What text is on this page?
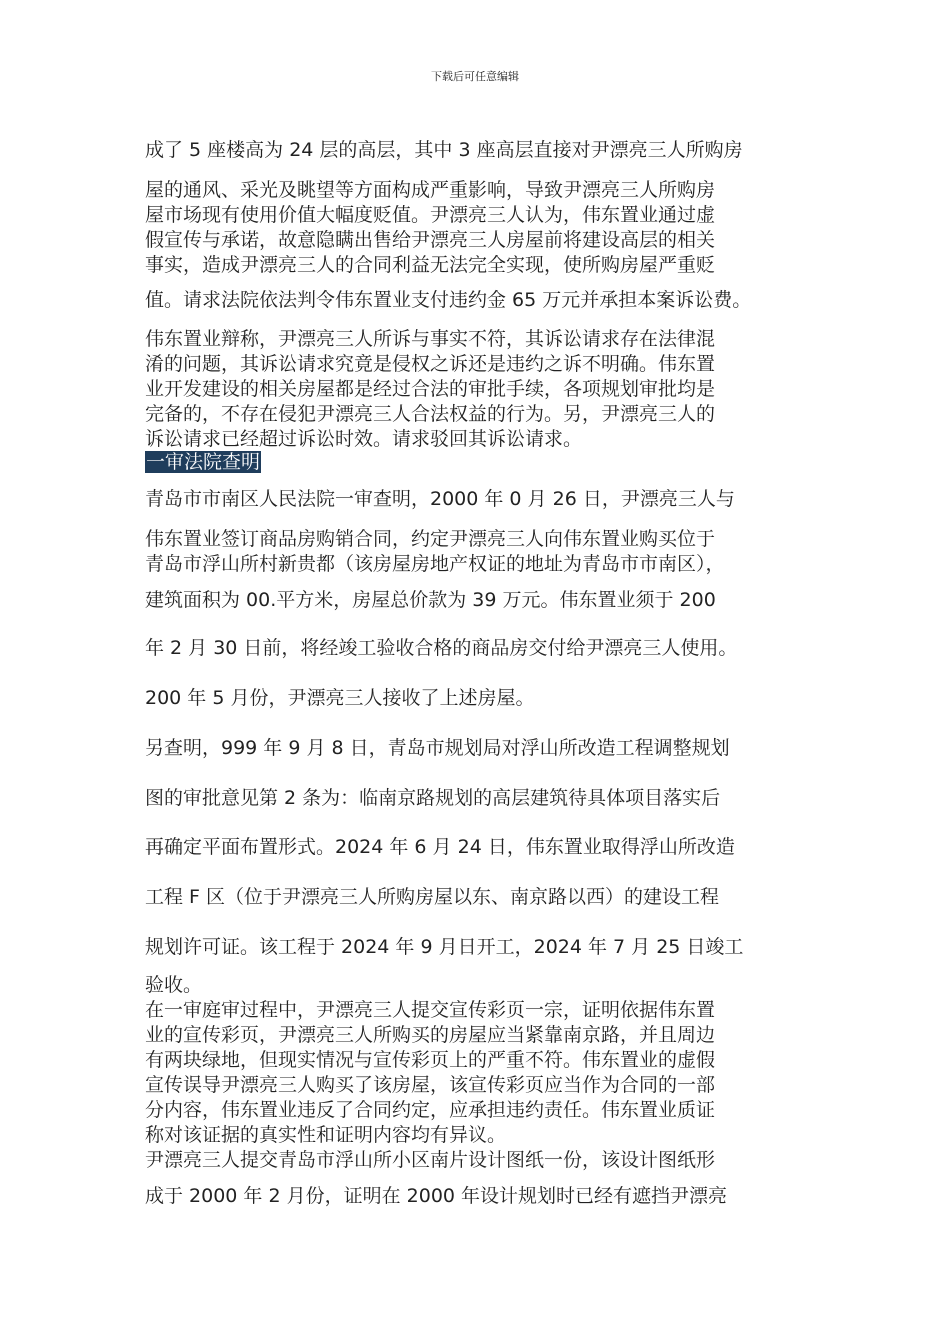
下载后可任意编辑
成了 5 座楼高为 24 层的高层，其中 3 座高层直接对尹漂亮三人所购房
屋的通风、采光及眺望等方面构成严重影响，导致尹漂亮三人所购房
屋市场现有使用价值大幅度贬值。尹漂亮三人认为，伟东置业通过虚
假宣传与承诺，故意隐瞒出售给尹漂亮三人房屋前将建设高层的相关
事实，造成尹漂亮三人的合同利益无法完全实现，使所购房屋严重贬
值。请求法院依法判令伟东置业支付违约金 65 万元并承担本案诉讼费。
伟东置业辩称，尹漂亮三人所诉与事实不符，其诉讼请求存在法律混
淆的问题，其诉讼请求究竟是侵权之诉还是违约之诉不明确。伟东置
业开发建设的相关房屋都是经过合法的审批手续，各项规划审批均是
完备的，不存在侵犯尹漂亮三人合法权益的行为。另，尹漂亮三人的
诉讼请求已经超过诉讼时效。请求驳回其诉讼请求。
一审法院查明
青岛市市南区人民法院一审查明，2000 年 0 月 26 日，尹漂亮三人与
伟东置业签订商品房购销合同，约定尹漂亮三人向伟东置业购买位于
青岛市浮山所村新贵都（该房屋房地产权证的地址为青岛市市南区），
建筑面积为 00.平方米，房屋总价款为 39 万元。伟东置业须于 200
年 2 月 30 日前，将经竣工验收合格的商品房交付给尹漂亮三人使用。
200 年 5 月份，尹漂亮三人接收了上述房屋。
另查明，999 年 9 月 8 日，青岛市规划局对浮山所改造工程调整规划
图的审批意见第 2 条为：临南京路规划的高层建筑待具体项目落实后
再确定平面布置形式。2024 年 6 月 24 日，伟东置业取得浮山所改造
工程 F 区（位于尹漂亮三人所购房屋以东、南京路以西）的建设工程
规划许可证。该工程于 2024 年 9 月日开工，2024 年 7 月 25 日竣工
验收。
在一审庭审过程中，尹漂亮三人提交宣传彩页一宗，证明依据伟东置
业的宣传彩页，尹漂亮三人所购买的房屋应当紧靠南京路，并且周边
有两块绿地，但现实情况与宣传彩页上的严重不符。伟东置业的虚假
宣传误导尹漂亮三人购买了该房屋，该宣传彩页应当作为合同的一部
分内容，伟东置业违反了合同约定，应承担违约责任。伟东置业质证
称对该证据的真实性和证明内容均有异议。
尹漂亮三人提交青岛市浮山所小区南片设计图纸一份，该设计图纸形
成于 2000 年 2 月份，证明在 2000 年设计规划时已经有遮挡尹漂亮
